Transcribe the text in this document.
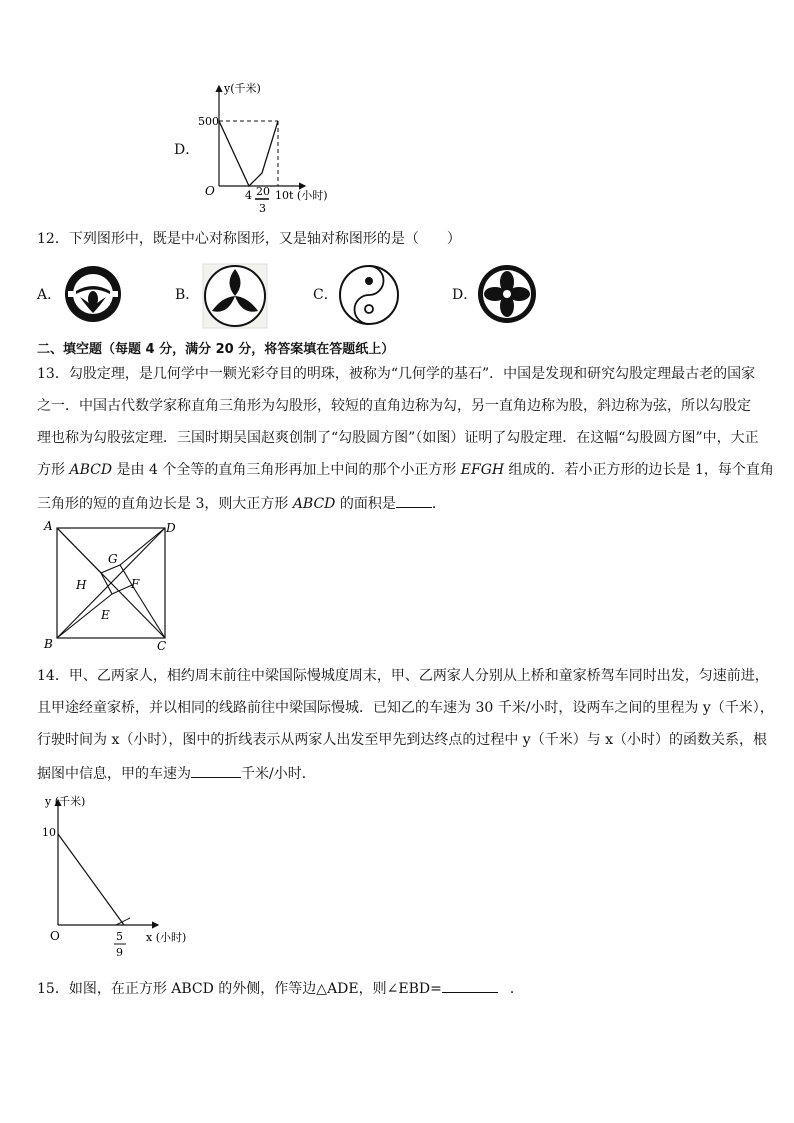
D．
y(千米)
500
O	4 20
3
10 t (小时)
12．下列图形中，既是中心对称图形，又是轴对称图形的是（　　）
A．	B．	C．	D．
二、填空题（每题 4 分，满分 20 分，将答案填在答题纸上）
13．勾股定理，是几何学中一颗光彩夺目的明珠，被称为“几何学的基石”．中国是发现和研究勾股定理最古老的国家
之一．中国古代数学家称直角三角形为勾股形，较短的直角边称为勾，另一直角边称为股，斜边称为弦，所以勾股定
理也称为勾股弦定理．三国时期吴国赵爽创制了“勾股圆方图”（如图）证明了勾股定理．在这幅“勾股圆方图”中，大正
方形 ABCD 是由 4 个全等的直角三角形再加上中间的那个小正方形 EFGH 组成的．若小正方形的边长是 1，每个直角
三角形的短的直角边长是 3，则大正方形 ABCD 的面积是	．
A	D
B	C
G
H	F
E
14．甲、乙两家人，相约周末前往中梁国际慢城度周末，甲、乙两家人分别从上桥和童家桥驾车同时出发，匀速前进，
且甲途经童家桥，并以相同的线路前往中梁国际慢城．已知乙的车速为 30 千米/小时，设两车之间的里程为 y（千米），
行驶时间为 x（小时），图中的折线表示从两家人出发至甲先到达终点的过程中 y（千米）与 x（小时）的函数关系，根
据图中信息，甲的车速为	千米/小时．
y (千米)
10
O	5
9
x (小时)
15．如图，在正方形 ABCD 的外侧，作等边△ADE，则∠EBD=	．
